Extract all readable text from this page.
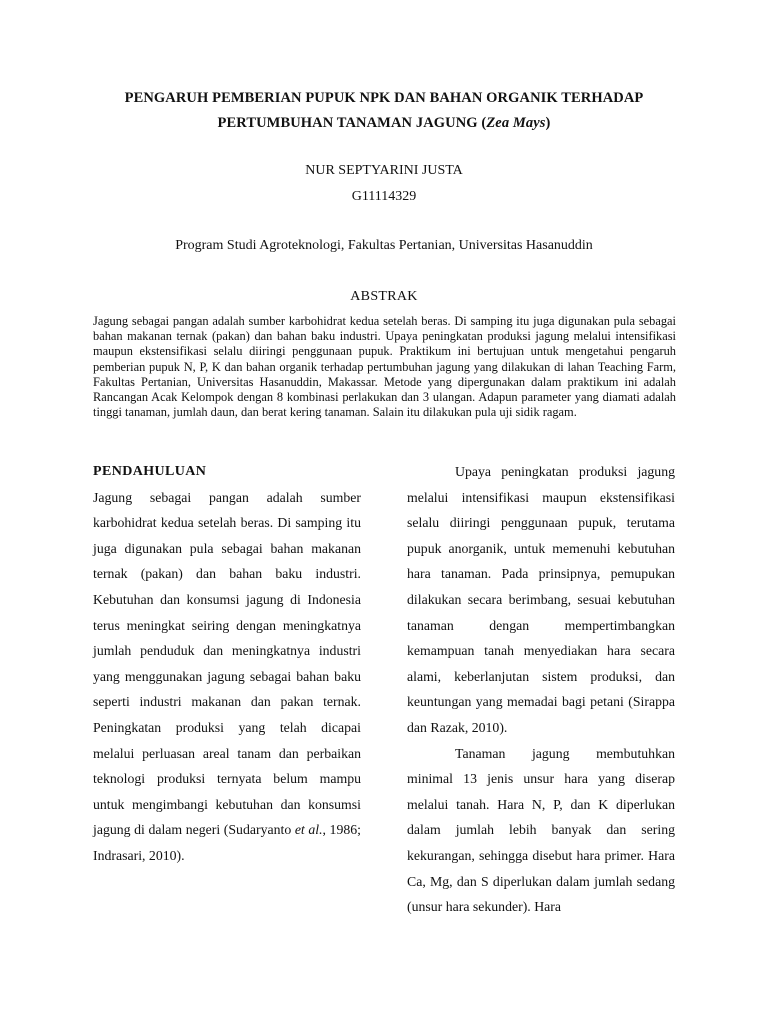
PENGARUH PEMBERIAN PUPUK NPK DAN BAHAN ORGANIK TERHADAP
PERTUMBUHAN TANAMAN JAGUNG (Zea Mays)
NUR SEPTYARINI JUSTA
G11114329
Program Studi Agroteknologi, Fakultas Pertanian, Universitas Hasanuddin
ABSTRAK
Jagung sebagai pangan adalah sumber karbohidrat kedua setelah beras. Di samping itu juga digunakan pula sebagai bahan makanan ternak (pakan) dan bahan baku industri. Upaya peningkatan produksi jagung melalui intensifikasi maupun ekstensifikasi selalu diiringi penggunaan pupuk. Praktikum ini bertujuan untuk mengetahui pengaruh pemberian pupuk N, P, K dan bahan organik terhadap pertumbuhan jagung yang dilakukan di lahan Teaching Farm, Fakultas Pertanian, Universitas Hasanuddin, Makassar. Metode yang dipergunakan dalam praktikum ini adalah Rancangan Acak Kelompok dengan 8 kombinasi perlakukan dan 3 ulangan. Adapun parameter yang diamati adalah tinggi tanaman, jumlah daun, dan berat kering tanaman. Salain itu dilakukan pula uji sidik ragam.

PENDAHULUAN

Jagung sebagai pangan adalah sumber karbohidrat kedua setelah beras. Di samping itu juga digunakan pula sebagai bahan makanan ternak (pakan) dan bahan baku industri. Kebutuhan dan konsumsi jagung di Indonesia terus meningkat seiring dengan meningkatnya jumlah penduduk dan meningkatnya industri yang menggunakan jagung sebagai bahan baku seperti industri makanan dan pakan ternak. Peningkatan produksi yang telah dicapai melalui perluasan areal tanam dan perbaikan teknologi produksi ternyata belum mampu untuk mengimbangi kebutuhan dan konsumsi jagung di dalam negeri (Sudaryanto et al., 1986; Indrasari, 2010).

Upaya peningkatan produksi jagung melalui intensifikasi maupun ekstensifikasi selalu diiringi penggunaan pupuk, terutama pupuk anorganik, untuk memenuhi kebutuhan hara tanaman. Pada prinsipnya, pemupukan dilakukan secara berimbang, sesuai kebutuhan tanaman dengan mempertimbangkan kemampuan tanah menyediakan hara secara alami, keberlanjutan sistem produksi, dan keuntungan yang memadai bagi petani (Sirappa dan Razak, 2010).

Tanaman jagung membutuhkan minimal 13 jenis unsur hara yang diserap melalui tanah. Hara N, P, dan K diperlukan dalam jumlah lebih banyak dan sering kekurangan, sehingga disebut hara primer. Hara Ca, Mg, dan S diperlukan dalam jumlah sedang (unsur hara sekunder). Hara
